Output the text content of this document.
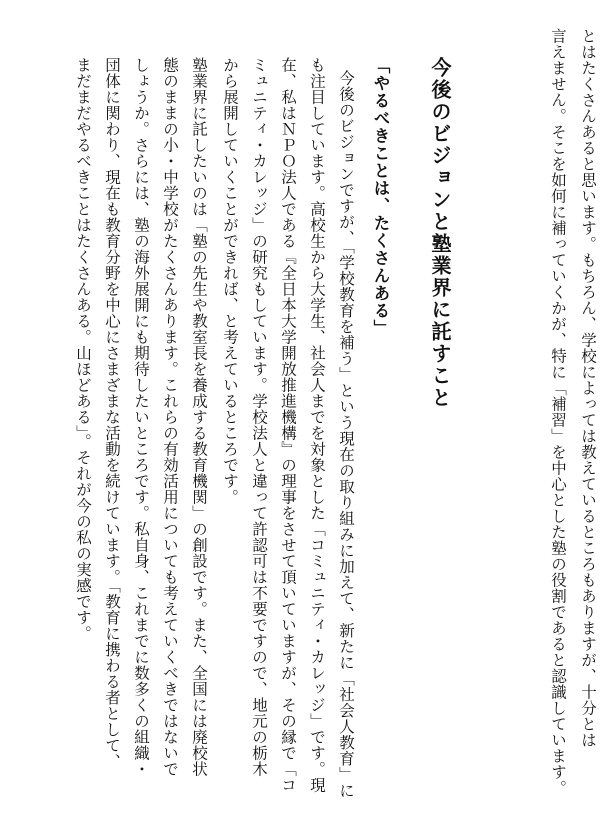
とはたくさんあると思います。もちろん、学校によっては教えているところもありますが、十分とは
言えません。そこを如何に補っていくかが、特に「補習」を中心とした塾の役割であると認識しています。
今後のビジョンと塾業界に託すこと
「やるべきことは、たくさんある」
今後のビジョンですが、「学校教育を補う」という現在の取り組みに加えて、新たに「社会人教育」に
も注目しています。高校生から大学生、社会人までを対象とした「コミュニティ・カレッジ」です。現
在、私はＮＰＯ法人である『全日本大学開放推進機構』の理事をさせて頂いていますが、その縁で「コ
ミュニティ・カレッジ」の研究もしています。学校法人と違って許認可は不要ですので、地元の栃木
から展開していくことができれば、と考えているところです。
塾業界に託したいのは「塾の先生や教室長を養成する教育機関」の創設です。また、全国には廃校状
態のままの小・中学校がたくさんあります。これらの有効活用についても考えていくべきではないで
しょうか。さらには、塾の海外展開にも期待したいところです。私自身、これまでに数多くの組織・
団体に関わり、現在も教育分野を中心にさまざまな活動を続けています。「教育に携わる者として、
まだまだやるべきことはたくさんある。山ほどある」。それが今の私の実感です。
